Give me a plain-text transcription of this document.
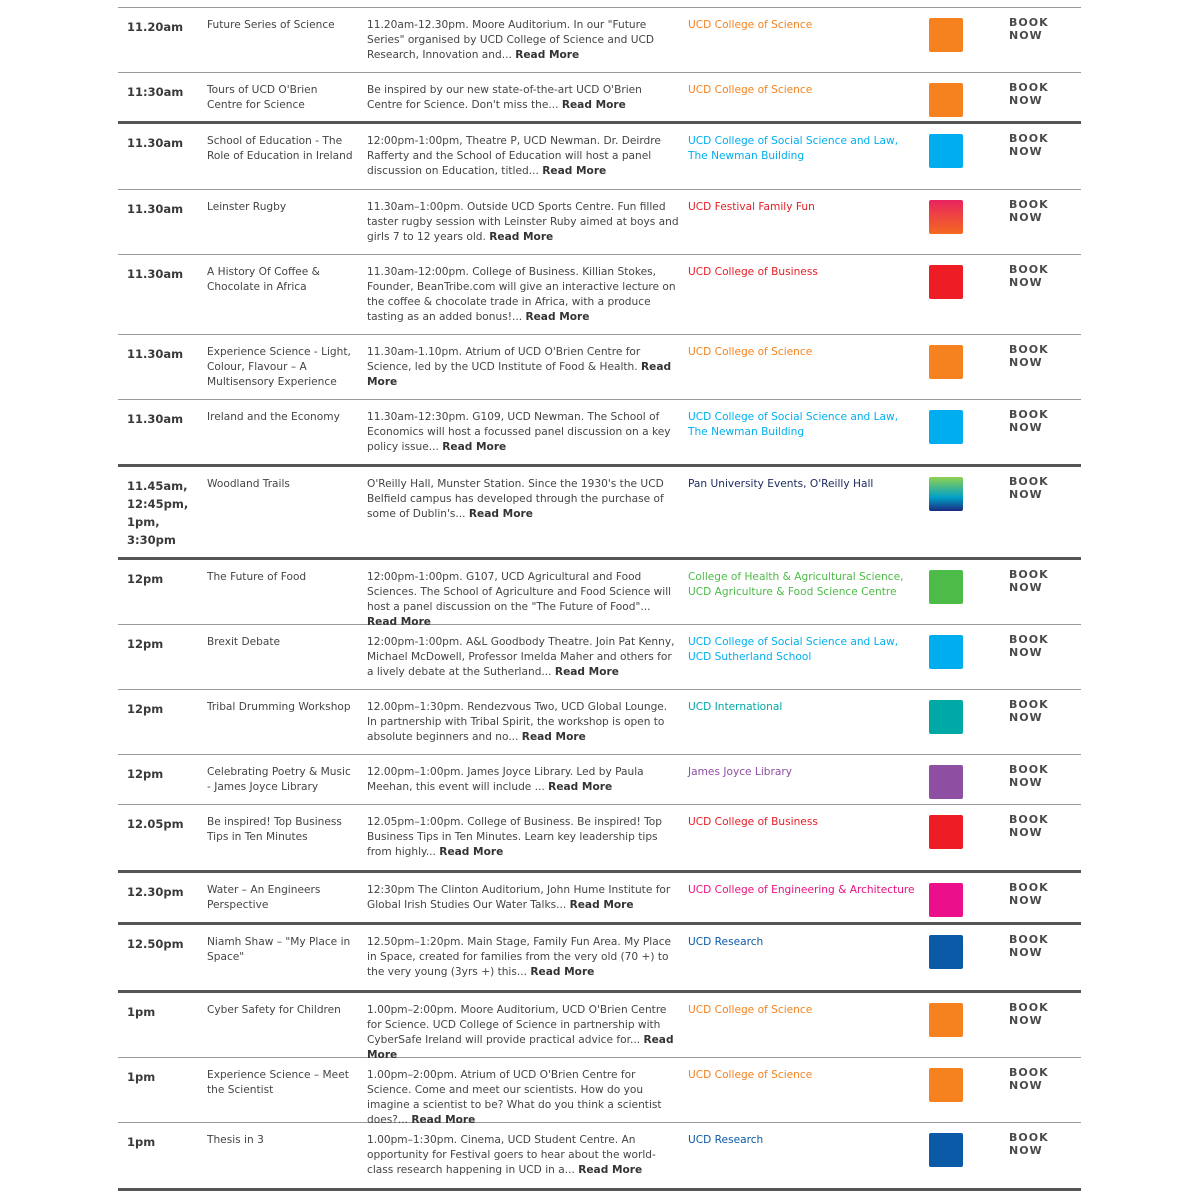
11.20am	Future Series of Science	11.20am-12.30pm. Moore Auditorium. In our "Future Series" organised by UCD College of Science and UCD Research, Innovation and... Read More
UCD College of Science	BOOK
NOW
11:30am	Tours of UCD O'Brien Centre for Science
Be inspired by our new state-of-the-art UCD O'Brien Centre for Science. Don't miss the... Read More
UCD College of Science	BOOK
NOW
11.30am	School of Education - The Role of Education in Ireland
12:00pm-1:00pm, Theatre P, UCD Newman. Dr. Deirdre Rafferty and the School of Education will host a panel discussion on Education, titled... Read More
UCD College of Social Science and Law, The Newman Building
BOOK
NOW
11.30am	Leinster Rugby	11.30am–1:00pm. Outside UCD Sports Centre. Fun filled taster rugby session with Leinster Ruby aimed at boys and girls 7 to 12 years old. Read More
UCD Festival Family Fun	BOOK
NOW
11.30am	A History Of Coffee & Chocolate in Africa
11.30am-12:00pm. College of Business. Killian Stokes, Founder, BeanTribe.com will give an interactive lecture on the coffee & chocolate trade in Africa, with a produce tasting as an added bonus!... Read More
UCD College of Business	BOOK
NOW
11.30am	Experience Science - Light, Colour, Flavour – A Multisensory Experience
11.30am-1.10pm. Atrium of UCD O'Brien Centre for Science, led by the UCD Institute of Food & Health. Read More
UCD College of Science	BOOK
NOW
11.30am	Ireland and the Economy	11.30am-12:30pm. G109, UCD Newman. The School of Economics will host a focussed panel discussion on a key policy issue... Read More
UCD College of Social Science and Law, The Newman Building
BOOK
NOW
11.45am, 12:45pm, 1pm, 3:30pm
Woodland Trails	O'Reilly Hall, Munster Station. Since the 1930's the UCD Belfield campus has developed through the purchase of some of Dublin's... Read More
Pan University Events, O'Reilly Hall	BOOK
NOW
12pm	The Future of Food	12:00pm-1:00pm. G107, UCD Agricultural and Food Sciences. The School of Agriculture and Food Science will host a panel discussion on the "The Future of Food"... Read More
College of Health & Agricultural Science, UCD Agriculture & Food Science Centre
BOOK
NOW
12pm	Brexit Debate	12:00pm-1:00pm. A&L Goodbody Theatre. Join Pat Kenny, Michael McDowell, Professor Imelda Maher and others for a lively debate at the Sutherland... Read More
UCD College of Social Science and Law, UCD Sutherland School
BOOK
NOW
12pm	Tribal Drumming Workshop	12.00pm–1:30pm. Rendezvous Two, UCD Global Lounge. In partnership with Tribal Spirit, the workshop is open to absolute beginners and no... Read More
UCD International	BOOK
NOW
12pm	Celebrating Poetry & Music - James Joyce Library
12.00pm–1:00pm. James Joyce Library. Led by Paula Meehan, this event will include ... Read More
James Joyce Library	BOOK
NOW
12.05pm	Be inspired! Top Business Tips in Ten Minutes
12.05pm–1:00pm. College of Business. Be inspired! Top Business Tips in Ten Minutes. Learn key leadership tips from highly... Read More
UCD College of Business	BOOK
NOW
12.30pm	Water – An Engineers Perspective
12:30pm The Clinton Auditorium, John Hume Institute for Global Irish Studies Our Water Talks... Read More
UCD College of Engineering & Architecture	BOOK
NOW
12.50pm	Niamh Shaw – "My Place in Space"
12.50pm–1:20pm. Main Stage, Family Fun Area. My Place in Space, created for families from the very old (70 +) to the very young (3yrs +) this... Read More
UCD Research	BOOK
NOW
1pm	Cyber Safety for Children	1.00pm–2:00pm. Moore Auditorium, UCD O'Brien Centre for Science. UCD College of Science in partnership with CyberSafe Ireland will provide practical advice for... Read More
UCD College of Science	BOOK
NOW
1pm	Experience Science – Meet the Scientist
1.00pm–2:00pm. Atrium of UCD O'Brien Centre for Science. Come and meet our scientists. How do you imagine a scientist to be? What do you think a scientist does?... Read More
UCD College of Science	BOOK
NOW
1pm	Thesis in 3	1.00pm–1:30pm. Cinema, UCD Student Centre. An opportunity for Festival goers to hear about the world-class research happening in UCD in a... Read More
UCD Research	BOOK
NOW
